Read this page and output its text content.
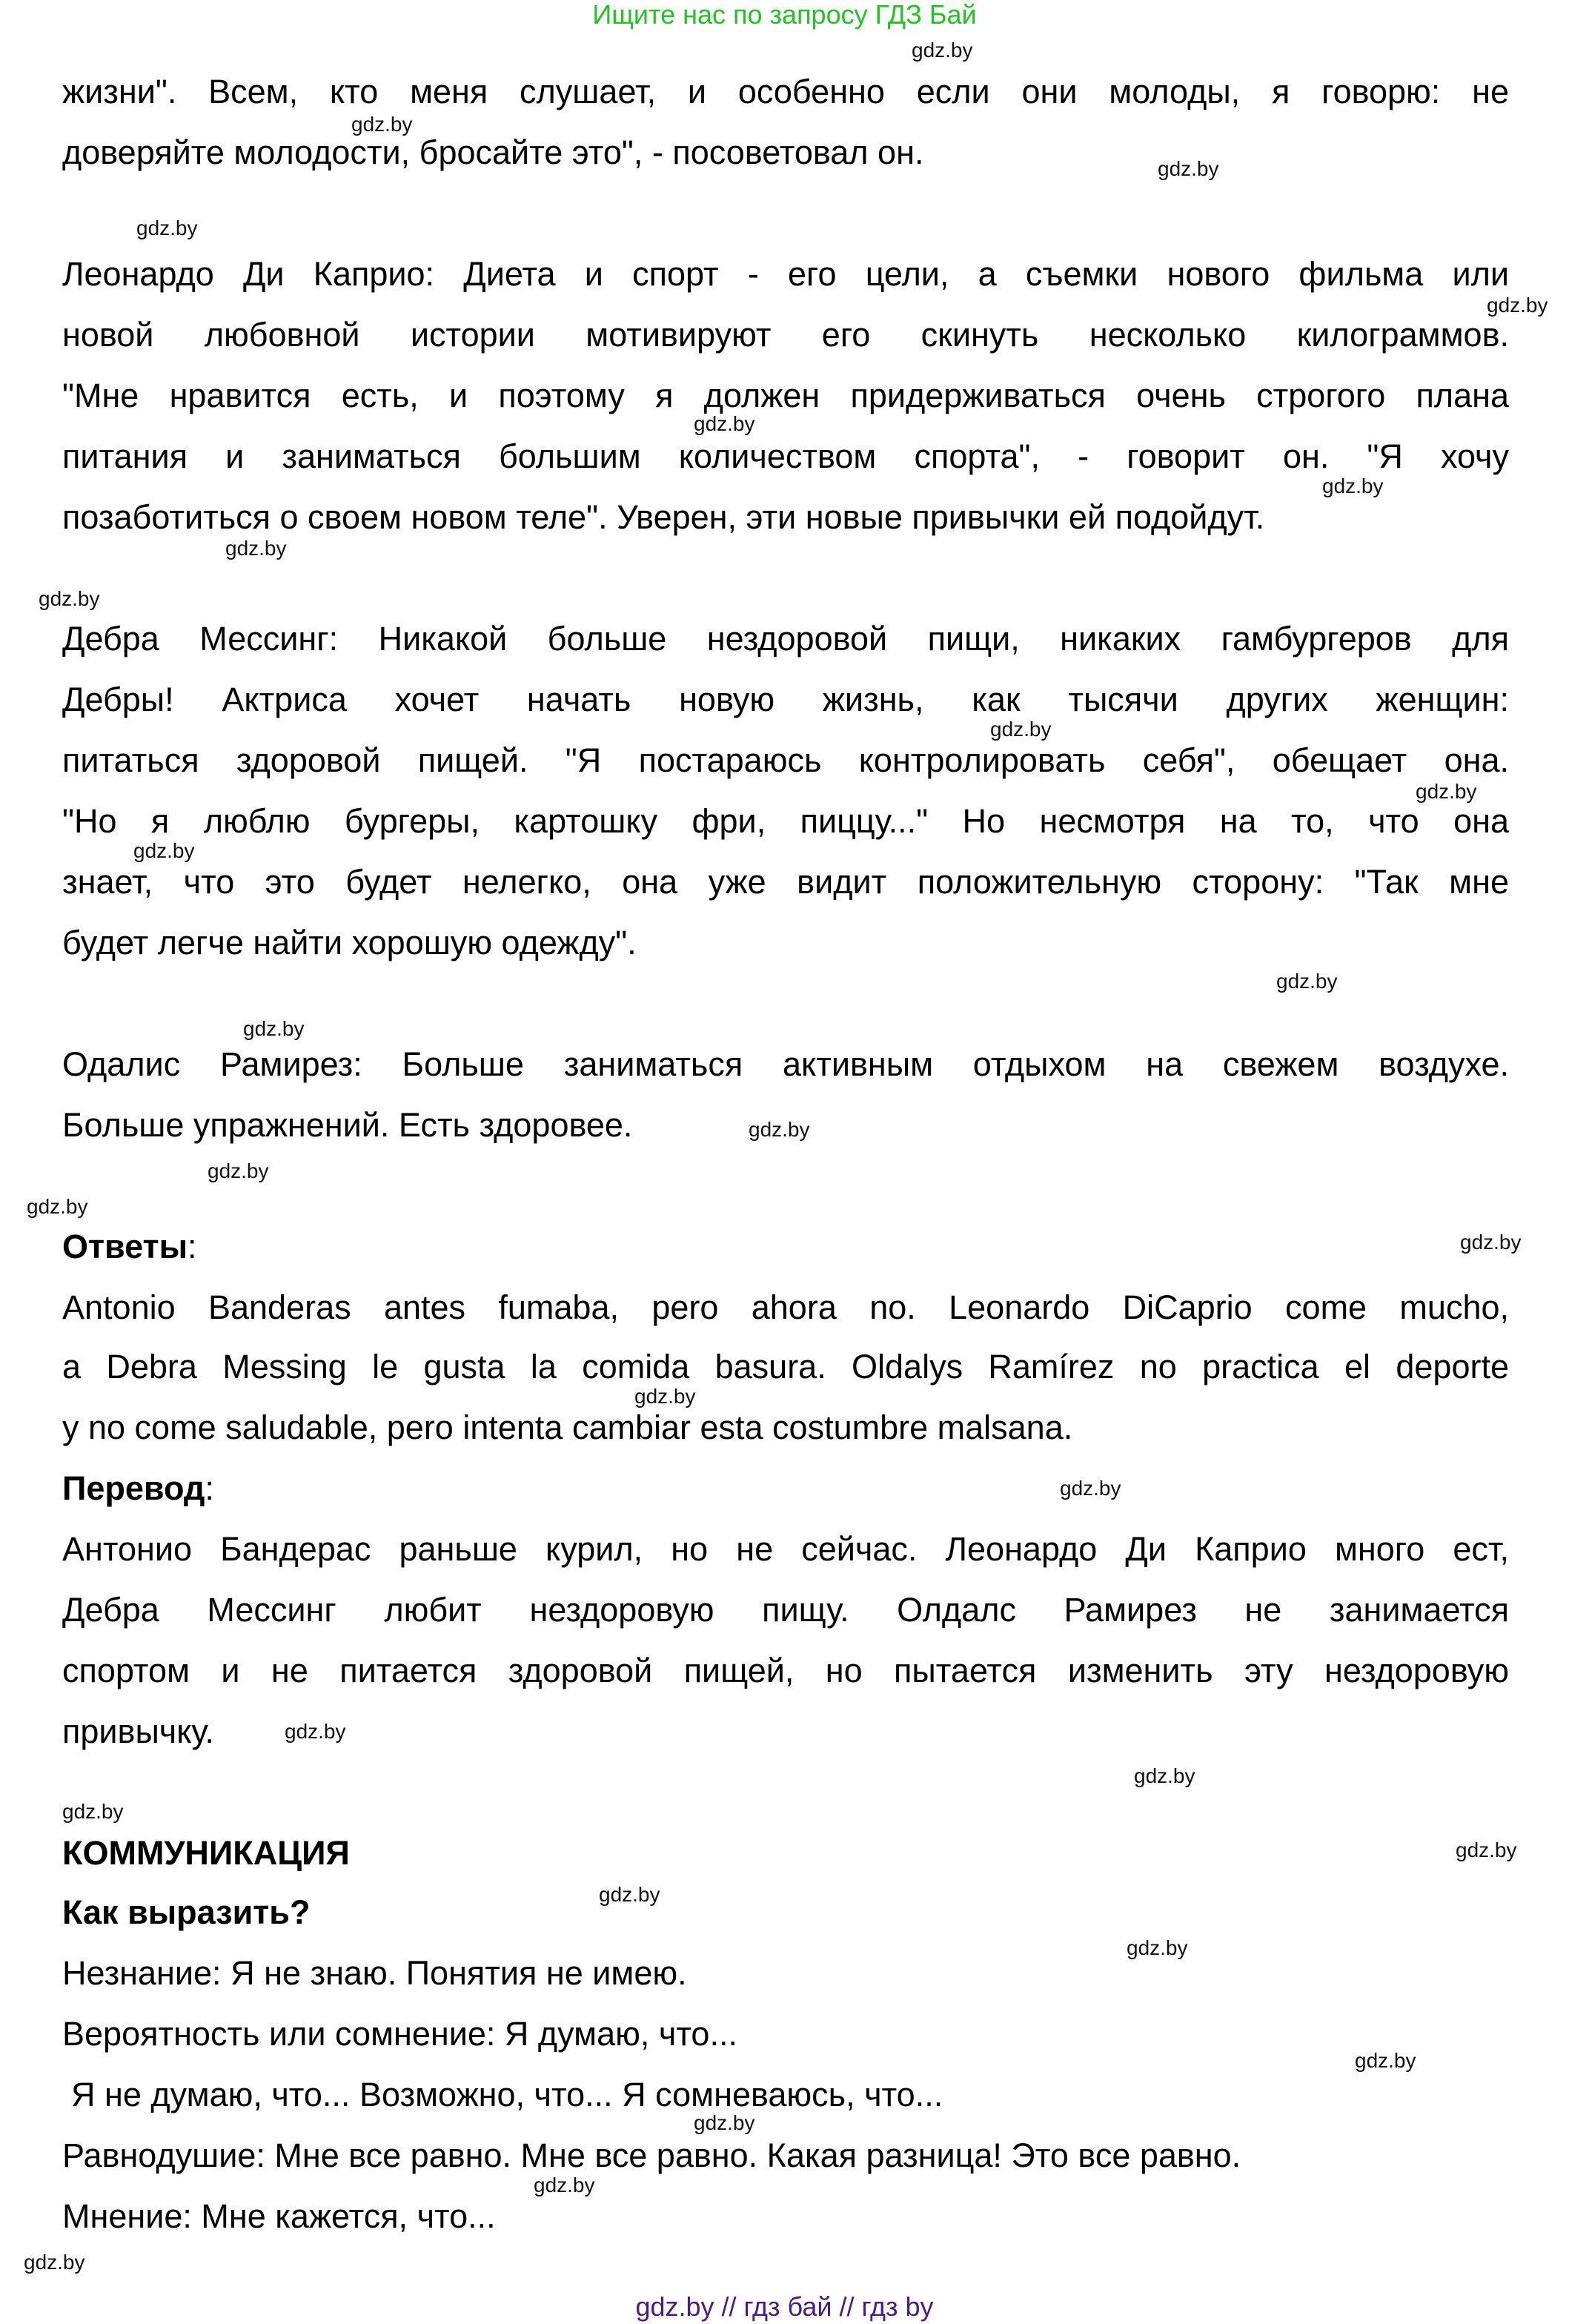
Ищите нас по запросу ГДЗ Бай
жизни". Всем, кто меня слушает, и особенно если они молоды, я говорю: не
доверяйте молодости, бросайте это", - посоветовал он.
Леонардо Ди Каприо: Диета и спорт - его цели, а съемки нового фильма или
новой любовной истории мотивируют его скинуть несколько килограммов.
"Мне нравится есть, и поэтому я должен придерживаться очень строгого плана
питания и заниматься большим количеством спорта", - говорит он. "Я хочу
позаботиться о своем новом теле". Уверен, эти новые привычки ей подойдут.
Дебра Мессинг: Никакой больше нездоровой пищи, никаких гамбургеров для
Дебры! Актриса хочет начать новую жизнь, как тысячи других женщин:
питаться здоровой пищей. "Я постараюсь контролировать себя", обещает она.
"Но я люблю бургеры, картошку фри, пиццу..." Но несмотря на то, что она
знает, что это будет нелегко, она уже видит положительную сторону: "Так мне
будет легче найти хорошую одежду".
Одалис Рамирез: Больше заниматься активным отдыхом на свежем воздухе.
Больше упражнений. Есть здоровее.
Ответы:
Antonio Banderas antes fumaba, pero ahora no. Leonardo DiCaprio come mucho,
a Debra Messing le gusta la comida basura. Oldalys Ramírez no practica el deporte
y no come saludable, pero intenta cambiar esta costumbre malsana.
Перевод:
Антонио Бандерас раньше курил, но не сейчас. Леонардо Ди Каприо много ест,
Дебра Мессинг любит нездоровую пищу. Олдалс Рамирез не занимается
спортом и не питается здоровой пищей, но пытается изменить эту нездоровую
привычку.
КОММУНИКАЦИЯ
Как выразить?
Незнание: Я не знаю. Понятия не имею.
Вероятность или сомнение: Я думаю, что...
Я не думаю, что... Возможно, что... Я сомневаюсь, что...
Равнодушие: Мне все равно. Мне все равно. Какая разница! Это все равно.
Мнение: Мне кажется, что...
gdz.by
gdz.by
gdz.by
gdz.by
gdz.by
gdz.by
gdz.by
gdz.by
gdz.by
gdz.by
gdz.by
gdz.by
gdz.by
gdz.by
gdz.by
gdz.by
gdz.by
gdz.by
gdz.by
gdz.by
gdz.by
gdz.by
gdz.by
gdz.by
gdz.by
gdz.by
gdz.by
gdz.by
gdz.by
gdz.by
gdz.by // гдз бай // гдз by
